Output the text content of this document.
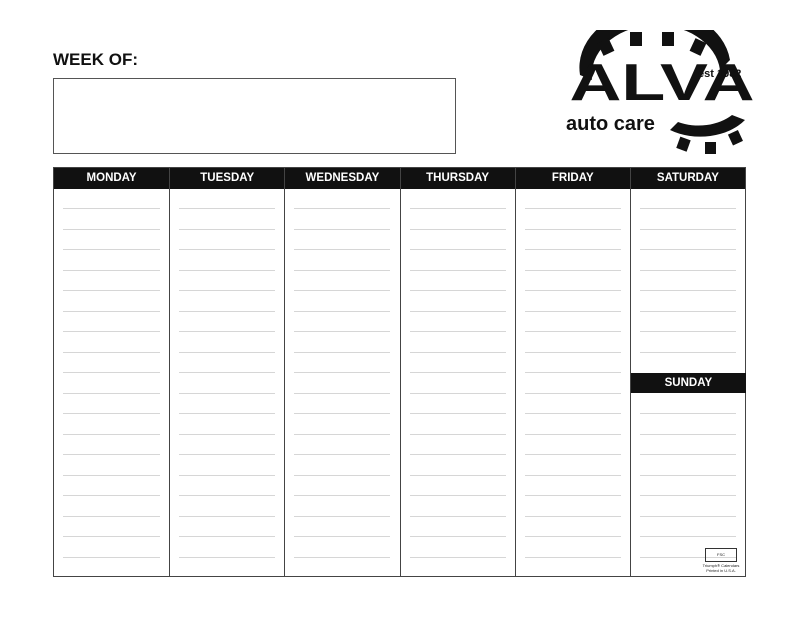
WEEK OF:	ALVA
auto care
est 1982
MONDAY	TUESDAY	WEDNESDAY	THURSDAY	FRIDAY	SATURDAY
SUNDAY
FSC
Triumph® Calendars
Printed in U.S.A.
